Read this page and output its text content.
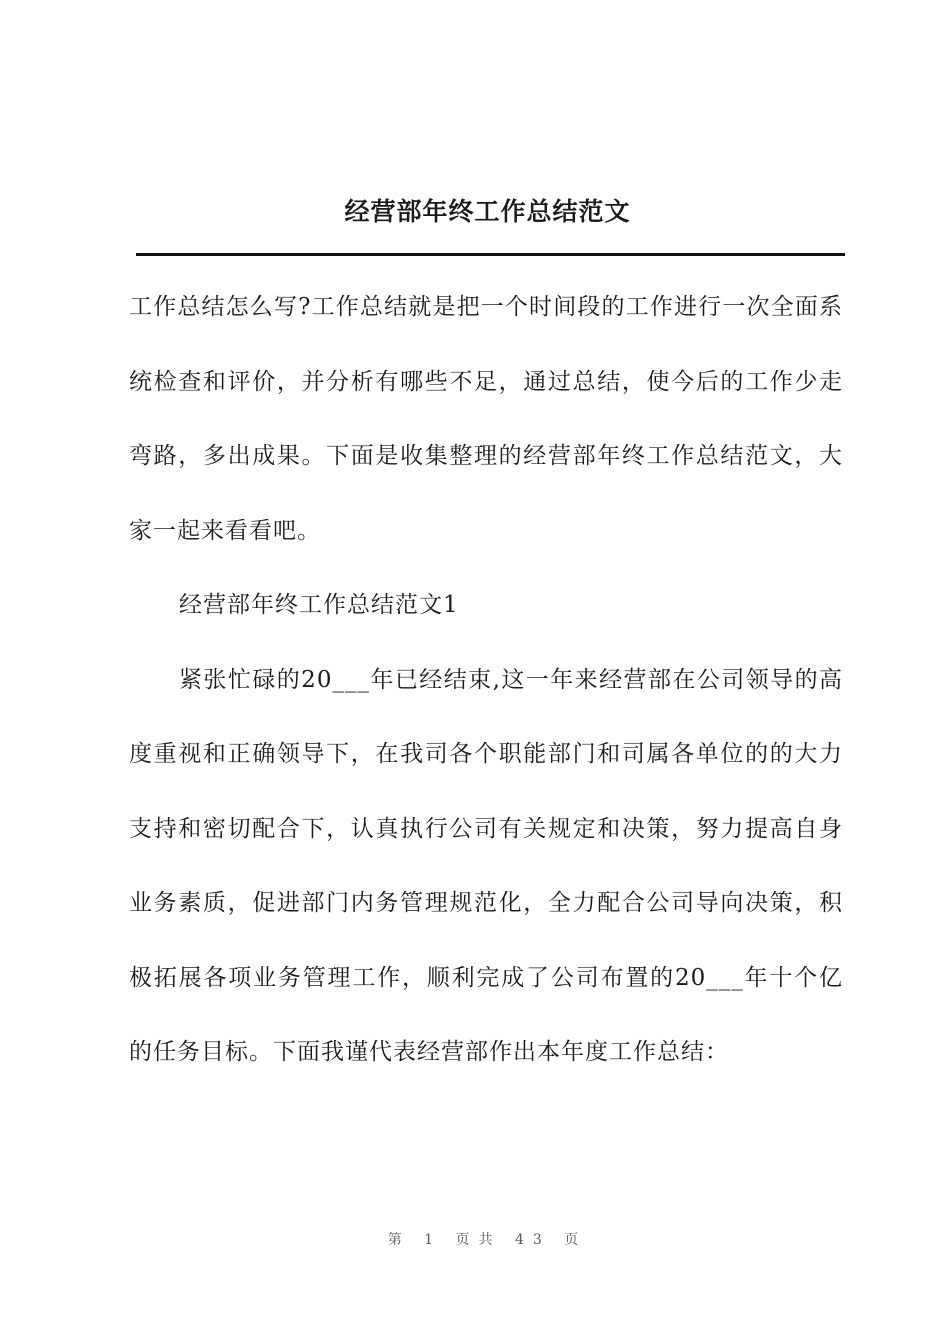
经营部年终工作总结范文

工作总结怎么写?工作总结就是把一个时间段的工作进行一次全面系统检查和评价，并分析有哪些不足，通过总结，使今后的工作少走弯路，多出成果。下面是收集整理的经营部年终工作总结范文，大家一起来看看吧。

经营部年终工作总结范文1

紧张忙碌的20___年已经结束,这一年来经营部在公司领导的高度重视和正确领导下，在我司各个职能部门和司属各单位的的大力支持和密切配合下，认真执行公司有关规定和决策，努力提高自身业务素质，促进部门内务管理规范化，全力配合公司导向决策，积极拓展各项业务管理工作，顺利完成了公司布置的20___年十个亿的任务目标。下面我谨代表经营部作出本年度工作总结：

第 1 页共 43 页
